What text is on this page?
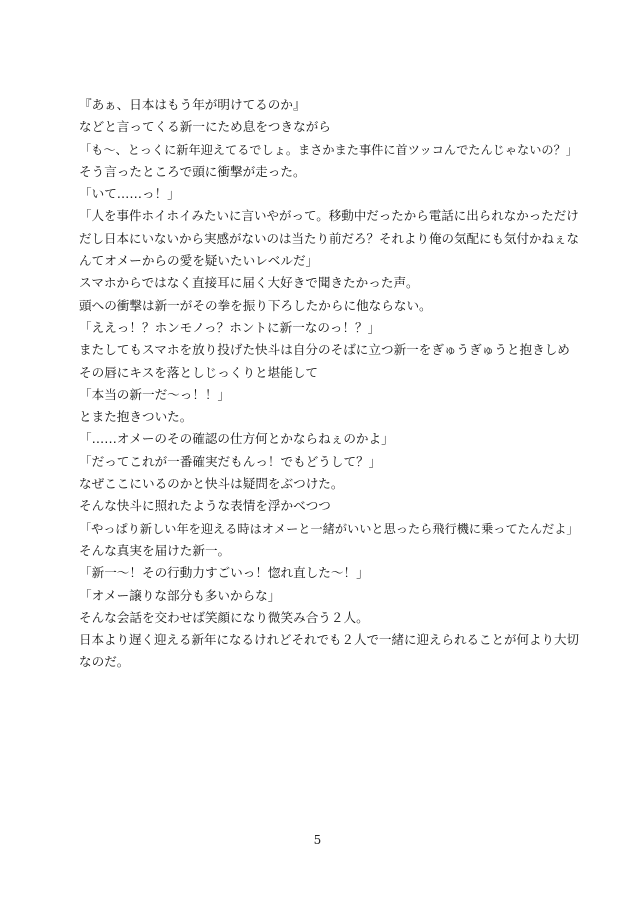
『あぁ、日本はもう年が明けてるのか』
などと言ってくる新一にため息をつきながら
「も〜、とっくに新年迎えてるでしょ。まさかまた事件に首ツッコんでたんじゃないの？」
そう言ったところで頭に衝撃が走った。
「いて……っ！」
「人を事件ホイホイみたいに言いやがって。移動中だったから電話に出られなかっただけ
だし日本にいないから実感がないのは当たり前だろ？それより俺の気配にも気付かねぇな
んてオメーからの愛を疑いたいレベルだ」
スマホからではなく直接耳に届く大好きで聞きたかった声。
頭への衝撃は新一がその拳を振り下ろしたからに他ならない。
「ええっ！？ホンモノっ？ホントに新一なのっ！？」
またしてもスマホを放り投げた快斗は自分のそばに立つ新一をぎゅうぎゅうと抱きしめ
その唇にキスを落としじっくりと堪能して
「本当の新一だ〜っ！！」
とまた抱きついた。
「……オメーのその確認の仕方何とかならねぇのかよ」
「だってこれが一番確実だもんっ！でもどうして？」
なぜここにいるのかと快斗は疑問をぶつけた。
そんな快斗に照れたような表情を浮かべつつ
「やっぱり新しい年を迎える時はオメーと一緒がいいと思ったら飛行機に乗ってたんだよ」
そんな真実を届けた新一。
「新一〜！その行動力すごいっ！惚れ直した〜！」
「オメー譲りな部分も多いからな」
そんな会話を交わせば笑顔になり微笑み合う２人。
日本より遅く迎える新年になるけれどそれでも２人で一緒に迎えられることが何より大切
なのだ。
5
